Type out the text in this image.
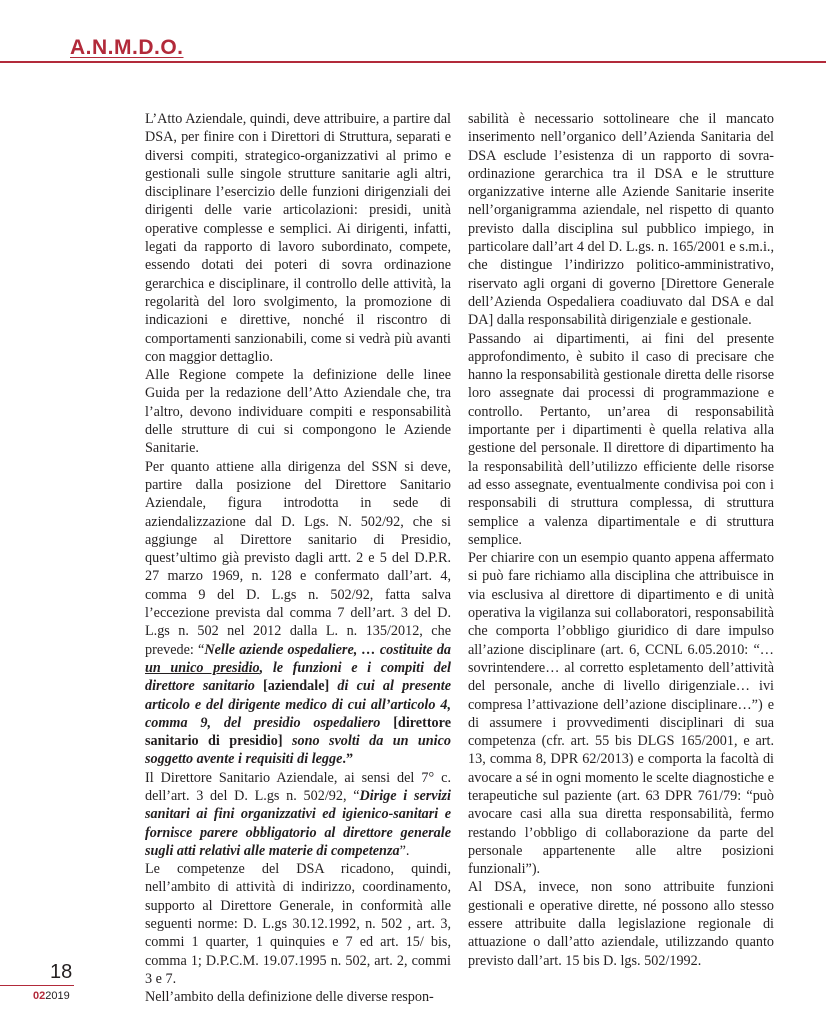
A.N.M.D.O.

L’Atto Aziendale, quindi, deve attribuire, a partire dal DSA, per finire con i Direttori di Struttura, separati e diversi compiti, strategico-organizzativi al primo e gestionali sulle singole strutture sanitarie agli altri, disciplinare l’esercizio delle funzioni dirigenziali dei dirigenti delle varie articolazioni: presidi, unità operative complesse e semplici. Ai dirigenti, infatti, legati da rapporto di lavoro subordinato, compete, essendo dotati dei poteri di sovra ordinazione gerarchica e disciplinare, il controllo delle attività, la regolarità del loro svolgimento, la promozione di indicazioni e direttive, nonché il riscontro di comportamenti sanzionabili, come si vedrà più avanti con maggior dettaglio.

Alle Regione compete la definizione delle linee Guida per la redazione dell’Atto Aziendale che, tra l’altro, devono individuare compiti e responsabilità delle strutture di cui si compongono le Aziende Sanitarie.

Per quanto attiene alla dirigenza del SSN si deve, partire dalla posizione del Direttore Sanitario Aziendale, figura introdotta in sede di aziendalizzazione dal D. Lgs. N. 502/92, che si aggiunge al Direttore sanitario di Presidio, quest’ultimo già previsto dagli artt. 2 e 5 del D.P.R. 27 marzo 1969, n. 128 e confermato dall’art. 4, comma 9 del D. L.gs n. 502/92, fatta salva l’eccezione prevista dal comma 7 dell’art. 3 del D. L.gs n. 502 nel 2012 dalla L. n. 135/2012, che prevede: “Nelle aziende ospedaliere, … costituite da un unico presidio, le funzioni e i compiti del direttore sanitario [aziendale] di cui al presente articolo e del dirigente medico di cui all’articolo 4, comma 9, del presidio ospedaliero [direttore sanitario di presidio] sono svolti da un unico soggetto avente i requisiti di legge.”

Il Direttore Sanitario Aziendale, ai sensi del 7° c. dell’art. 3 del D. L.gs n. 502/92, “Dirige i servizi sanitari ai fini organizzativi ed igienico-sanitari e fornisce parere obbligatorio al direttore generale sugli atti relativi alle materie di competenza”.

Le competenze del DSA ricadono, quindi, nell’ambito di attività di indirizzo, coordinamento, supporto al Direttore Generale, in conformità alle seguenti norme: D. L.gs 30.12.1992, n. 502 , art. 3, commi 1 quarter, 1 quinquies e 7 ed art. 15/ bis, comma 1; D.P.C.M. 19.07.1995 n. 502, art. 2, commi 3 e 7.

Nell’ambito della definizione delle diverse respon-

sabilità è necessario sottolineare che il mancato inserimento nell’organico dell’Azienda Sanitaria del DSA esclude l’esistenza di un rapporto di sovra-ordinazione gerarchica tra il DSA e le strutture organizzative interne alle Aziende Sanitarie inserite nell’organigramma aziendale, nel rispetto di quanto previsto dalla disciplina sul pubblico impiego, in particolare dall’art 4 del D. L.gs. n. 165/2001 e s.m.i., che distingue l’indirizzo politico-amministrativo, riservato agli organi di governo [Direttore Generale dell’Azienda Ospedaliera coadiuvato dal DSA e dal DA] dalla responsabilità dirigenziale e gestionale.

Passando ai dipartimenti, ai fini del presente approfondimento, è subito il caso di precisare che hanno la responsabilità gestionale diretta delle risorse loro assegnate dai processi di programmazione e controllo. Pertanto, un’area di responsabilità importante per i dipartimenti è quella relativa alla gestione del personale. Il direttore di dipartimento ha la responsabilità dell’utilizzo efficiente delle risorse ad esso assegnate, eventualmente condivisa poi con i responsabili di struttura complessa, di struttura semplice a valenza dipartimentale e di struttura semplice.

Per chiarire con un esempio quanto appena affermato si può fare richiamo alla disciplina che attribuisce in via esclusiva al direttore di dipartimento e di unità operativa la vigilanza sui collaboratori, responsabilità che comporta l’obbligo giuridico di dare impulso all’azione disciplinare (art. 6, CCNL 6.05.2010: “… sovrintendere… al corretto espletamento dell’attività del personale, anche di livello dirigenziale… ivi compresa l’attivazione dell’azione disciplinare…”) e di assumere i provvedimenti disciplinari di sua competenza (cfr. art. 55 bis DLGS 165/2001, e art. 13, comma 8, DPR 62/2013) e comporta la facoltà di avocare a sé in ogni momento le scelte diagnostiche e terapeutiche sul paziente (art. 63 DPR 761/79: “può avocare casi alla sua diretta responsabilità, fermo restando l’obbligo di collaborazione da parte del personale appartenente alle altre posizioni funzionali”).

Al DSA, invece, non sono attribuite funzioni gestionali e operative dirette, né possono allo stesso essere attribuite dalla legislazione regionale di attuazione o dall’atto aziendale, utilizzando quanto previsto dall’art. 15 bis D. lgs. 502/1992.

18
022019
